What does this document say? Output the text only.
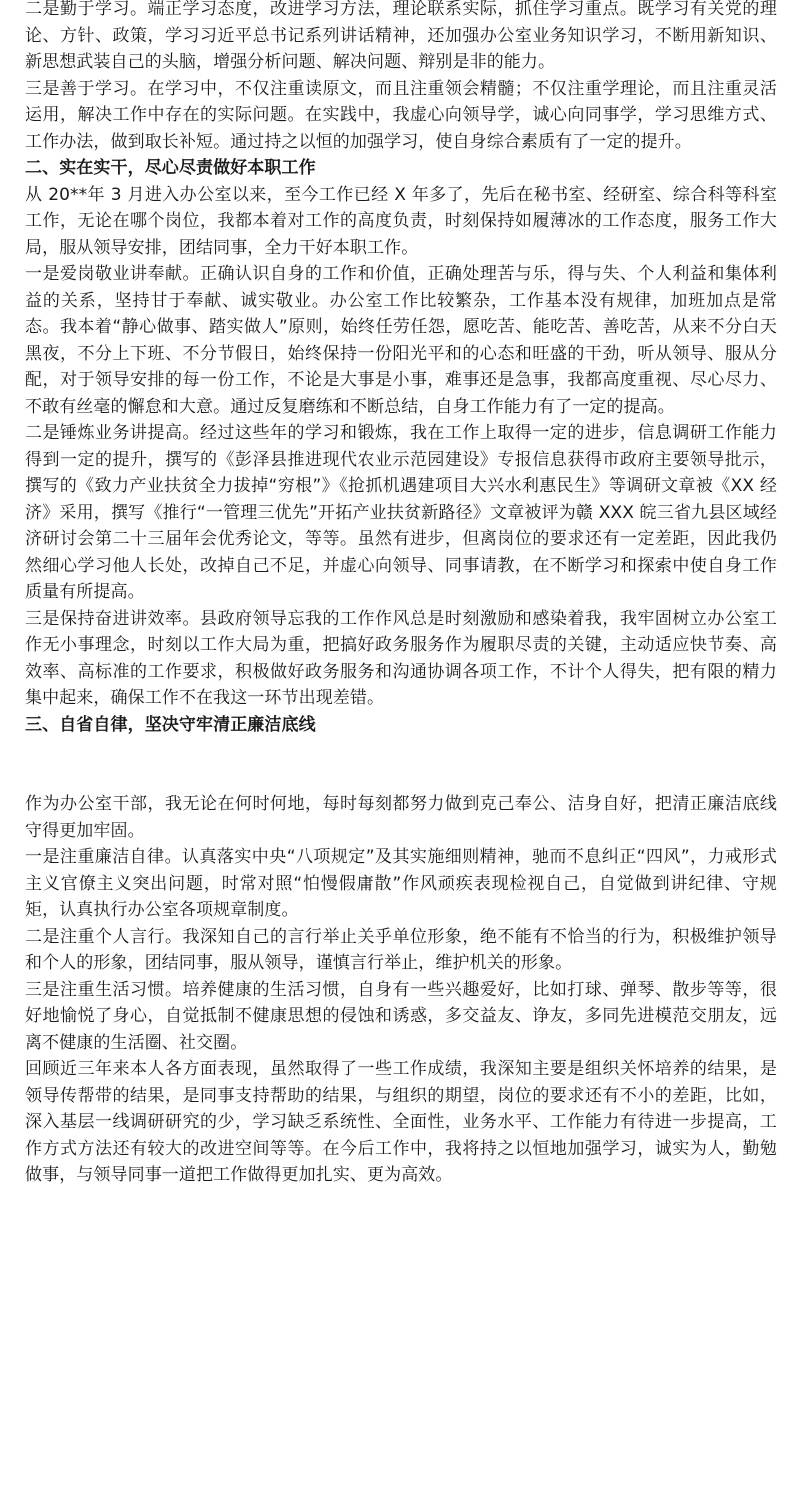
二是勤于学习。端正学习态度，改进学习方法，理论联系实际，抓住学习重点。既学习有关党的理论、方针、政策，学习习近平总书记系列讲话精神，还加强办公室业务知识学习，不断用新知识、新思想武装自己的头脑，增强分析问题、解决问题、辩别是非的能力。

三是善于学习。在学习中，不仅注重读原文，而且注重领会精髓；不仅注重学理论，而且注重灵活运用，解决工作中存在的实际问题。在实践中，我虚心向领导学，诚心向同事学，学习思维方式、工作办法，做到取长补短。通过持之以恒的加强学习，使自身综合素质有了一定的提升。

二、实在实干，尽心尽责做好本职工作

从 20**年 3 月进入办公室以来，至今工作已经 X 年多了，先后在秘书室、经研室、综合科等科室工作，无论在哪个岗位，我都本着对工作的高度负责，时刻保持如履薄冰的工作态度，服务工作大局，服从领导安排，团结同事，全力干好本职工作。

一是爱岗敬业讲奉献。正确认识自身的工作和价值，正确处理苦与乐，得与失、个人利益和集体利益的关系，坚持甘于奉献、诚实敬业。办公室工作比较繁杂，工作基本没有规律，加班加点是常态。我本着“静心做事、踏实做人”原则，始终任劳任怨，愿吃苦、能吃苦、善吃苦，从来不分白天黑夜，不分上下班、不分节假日，始终保持一份阳光平和的心态和旺盛的干劲，听从领导、服从分配，对于领导安排的每一份工作，不论是大事是小事，难事还是急事，我都高度重视、尽心尽力、不敢有丝毫的懈怠和大意。通过反复磨练和不断总结，自身工作能力有了一定的提高。

二是锤炼业务讲提高。经过这些年的学习和锻炼，我在工作上取得一定的进步，信息调研工作能力得到一定的提升，撰写的《彭泽县推进现代农业示范园建设》专报信息获得市政府主要领导批示，撰写的《致力产业扶贫全力拔掉“穷根”》《抢抓机遇建项目大兴水利惠民生》等调研文章被《XX 经济》采用，撰写《推行“一管理三优先”开拓产业扶贫新路径》文章被评为赣 XXX 皖三省九县区域经济研讨会第二十三届年会优秀论文，等等。虽然有进步，但离岗位的要求还有一定差距，因此我仍然细心学习他人长处，改掉自己不足，并虚心向领导、同事请教，在不断学习和探索中使自身工作质量有所提高。

三是保持奋进讲效率。县政府领导忘我的工作作风总是时刻激励和感染着我，我牢固树立办公室工作无小事理念，时刻以工作大局为重，把搞好政务服务作为履职尽责的关键，主动适应快节奏、高效率、高标准的工作要求，积极做好政务服务和沟通协调各项工作，不计个人得失，把有限的精力集中起来，确保工作不在我这一环节出现差错。

三、自省自律，坚决守牢清正廉洁底线

作为办公室干部，我无论在何时何地，每时每刻都努力做到克己奉公、洁身自好，把清正廉洁底线守得更加牢固。

一是注重廉洁自律。认真落实中央“八项规定”及其实施细则精神，驰而不息纠正“四风”，力戒形式主义官僚主义突出问题，时常对照“怕慢假庸散”作风顽疾表现检视自己，自觉做到讲纪律、守规矩，认真执行办公室各项规章制度。

二是注重个人言行。我深知自己的言行举止关乎单位形象，绝不能有不恰当的行为，积极维护领导和个人的形象，团结同事，服从领导，谨慎言行举止，维护机关的形象。

三是注重生活习惯。培养健康的生活习惯，自身有一些兴趣爱好，比如打球、弹琴、散步等等，很好地愉悦了身心，自觉抵制不健康思想的侵蚀和诱惑，多交益友、诤友，多同先进模范交朋友，远离不健康的生活圈、社交圈。

回顾近三年来本人各方面表现，虽然取得了一些工作成绩，我深知主要是组织关怀培养的结果，是领导传帮带的结果，是同事支持帮助的结果，与组织的期望，岗位的要求还有不小的差距，比如，深入基层一线调研研究的少，学习缺乏系统性、全面性，业务水平、工作能力有待进一步提高，工作方式方法还有较大的改进空间等等。在今后工作中，我将持之以恒地加强学习，诚实为人，勤勉做事，与领导同事一道把工作做得更加扎实、更为高效。
